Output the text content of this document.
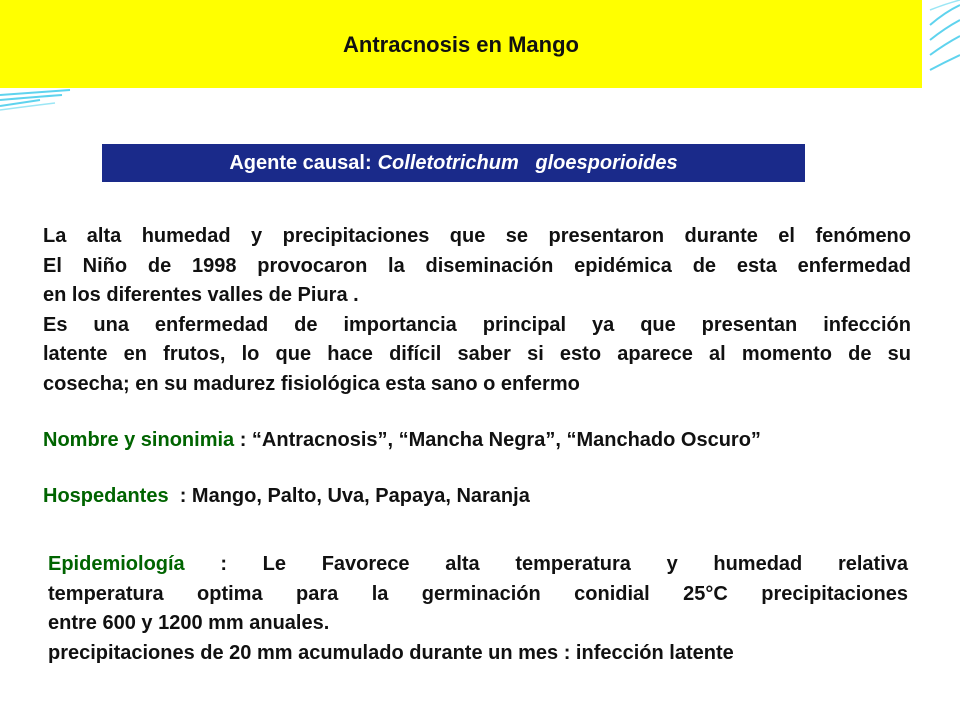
Antracnosis en Mango
Agente causal: Colletotrichum   gloesporioides
La alta humedad y precipitaciones que se presentaron durante el fenómeno
El Niño de 1998 provocaron la diseminación epidémica de esta enfermedad
en los diferentes valles de Piura .
Es una enfermedad de importancia principal ya que presentan infección
latente en frutos, lo que hace difícil saber si esto aparece al momento de su
cosecha; en su madurez fisiológica esta sano o enfermo
Nombre y sinonimia : “Antracnosis”, “Mancha Negra”, “Manchado Oscuro”
Hospedantes  : Mango, Palto, Uva, Papaya, Naranja
Epidemiología : Le Favorece alta temperatura y humedad relativa
temperatura optima para la germinación conidial 25°C precipitaciones
entre 600 y 1200 mm anuales.
precipitaciones de 20 mm acumulado durante un mes : infección latente
